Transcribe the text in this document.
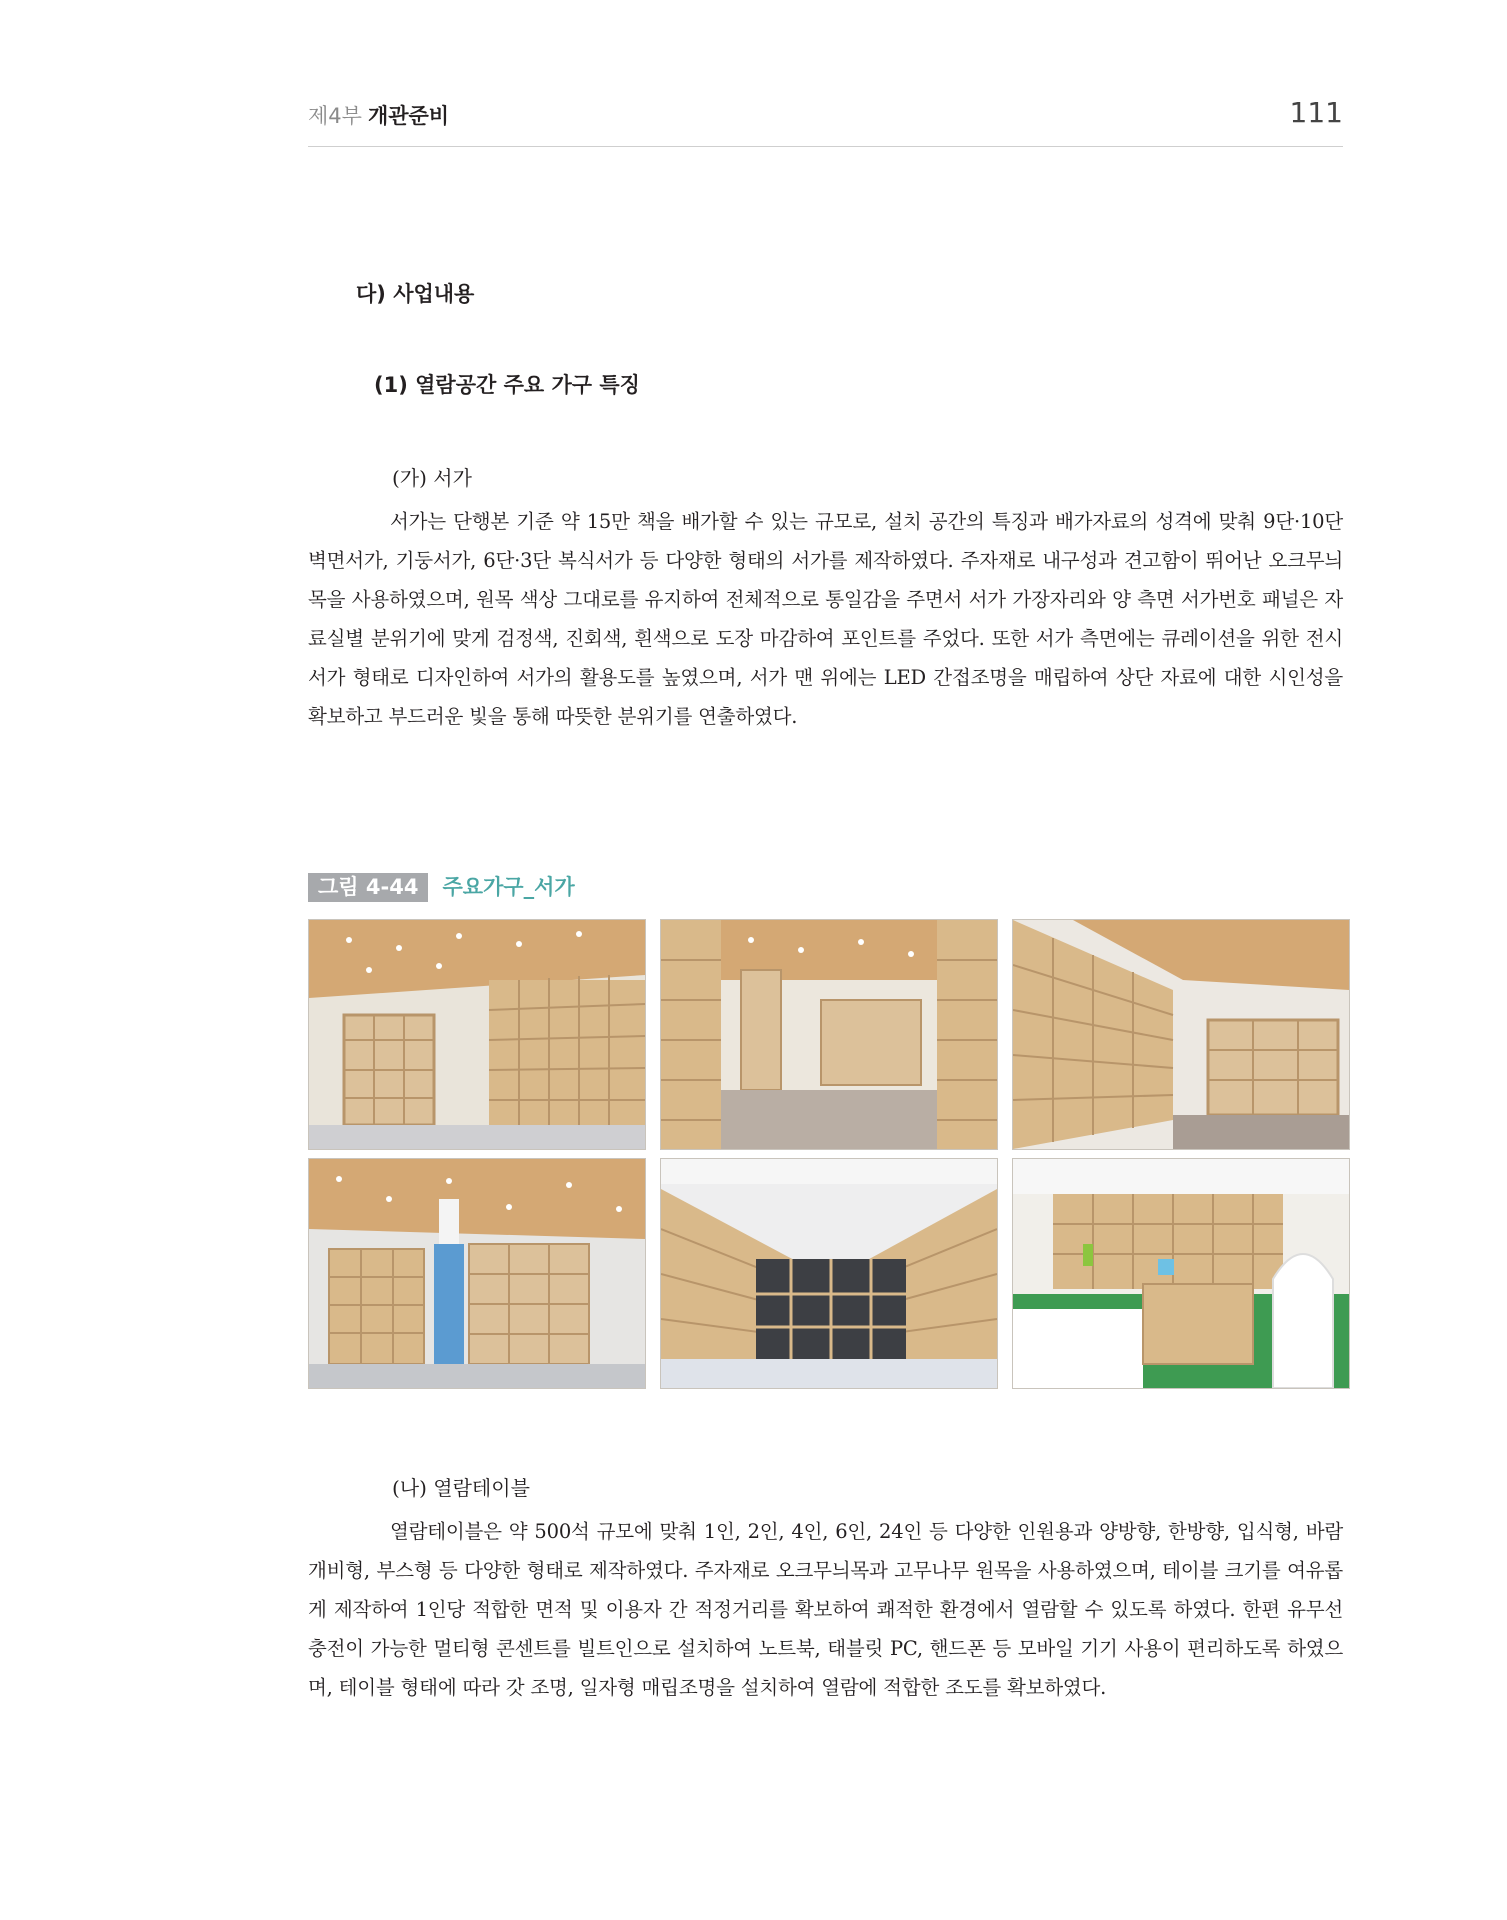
제4부 개관준비	111
다) 사업내용
(1) 열람공간 주요 가구 특징
(가) 서가
서가는 단행본 기준 약 15만 책을 배가할 수 있는 규모로, 설치 공간의 특징과 배가자료의 성격에 맞춰 9단·10단 벽면서가, 기둥서가, 6단·3단 복식서가 등 다양한 형태의 서가를 제작하였다. 주자재로 내구성과 견고함이 뛰어난 오크무늬목을 사용하였으며, 원목 색상 그대로를 유지하여 전체적으로 통일감을 주면서 서가 가장자리와 양 측면 서가번호 패널은 자료실별 분위기에 맞게 검정색, 진회색, 흰색으로 도장 마감하여 포인트를 주었다. 또한 서가 측면에는 큐레이션을 위한 전시서가 형태로 디자인하여 서가의 활용도를 높였으며, 서가 맨 위에는 LED 간접조명을 매립하여 상단 자료에 대한 시인성을 확보하고 부드러운 빛을 통해 따뜻한 분위기를 연출하였다.
그림 4-44 주요가구_서가
(나) 열람테이블
열람테이블은 약 500석 규모에 맞춰 1인, 2인, 4인, 6인, 24인 등 다양한 인원용과 양방향, 한방향, 입식형, 바람개비형, 부스형 등 다양한 형태로 제작하였다. 주자재로 오크무늬목과 고무나무 원목을 사용하였으며, 테이블 크기를 여유롭게 제작하여 1인당 적합한 면적 및 이용자 간 적정거리를 확보하여 쾌적한 환경에서 열람할 수 있도록 하였다. 한편 유무선 충전이 가능한 멀티형 콘센트를 빌트인으로 설치하여 노트북, 태블릿 PC, 핸드폰 등 모바일 기기 사용이 편리하도록 하였으며, 테이블 형태에 따라 갓 조명, 일자형 매립조명을 설치하여 열람에 적합한 조도를 확보하였다.
